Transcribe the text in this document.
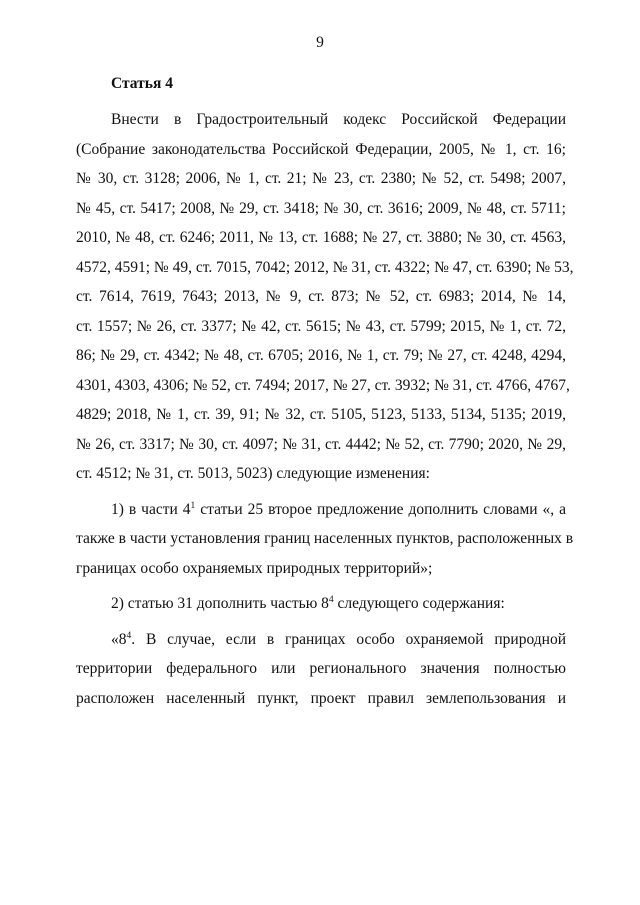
9
Статья 4
Внести в Градостроительный кодекс Российской Федерации
(Собрание законодательства Российской Федерации, 2005, № 1, ст. 16;
№ 30, ст. 3128; 2006, № 1, ст. 21; № 23, ст. 2380; № 52, ст. 5498; 2007,
№ 45, ст. 5417; 2008, № 29, ст. 3418; № 30, ст. 3616; 2009, № 48, ст. 5711;
2010, № 48, ст. 6246; 2011, № 13, ст. 1688; № 27, ст. 3880; № 30, ст. 4563,
4572, 4591; № 49, ст. 7015, 7042; 2012, № 31, ст. 4322; № 47, ст. 6390; № 53,
ст. 7614, 7619, 7643; 2013, № 9, ст. 873; № 52, ст. 6983; 2014, № 14,
ст. 1557; № 26, ст. 3377; № 42, ст. 5615; № 43, ст. 5799; 2015, № 1, ст. 72,
86; № 29, ст. 4342; № 48, ст. 6705; 2016, № 1, ст. 79; № 27, ст. 4248, 4294,
4301, 4303, 4306; № 52, ст. 7494; 2017, № 27, ст. 3932; № 31, ст. 4766, 4767,
4829; 2018, № 1, ст. 39, 91; № 32, ст. 5105, 5123, 5133, 5134, 5135; 2019,
№ 26, ст. 3317; № 30, ст. 4097; № 31, ст. 4442; № 52, ст. 7790; 2020, № 29,
ст. 4512; № 31, ст. 5013, 5023) следующие изменения:
1) в части $4^1$ статьи 25 второе предложение дополнить словами «, а
также в части установления границ населенных пунктов, расположенных в
границах особо охраняемых природных территорий»;
2) статью 31 дополнить частью $8^4$ следующего содержания:
«$8^4$. В случае, если в границах особо охраняемой природной
территории федерального или регионального значения полностью
расположен населенный пункт, проект правил землепользования и
